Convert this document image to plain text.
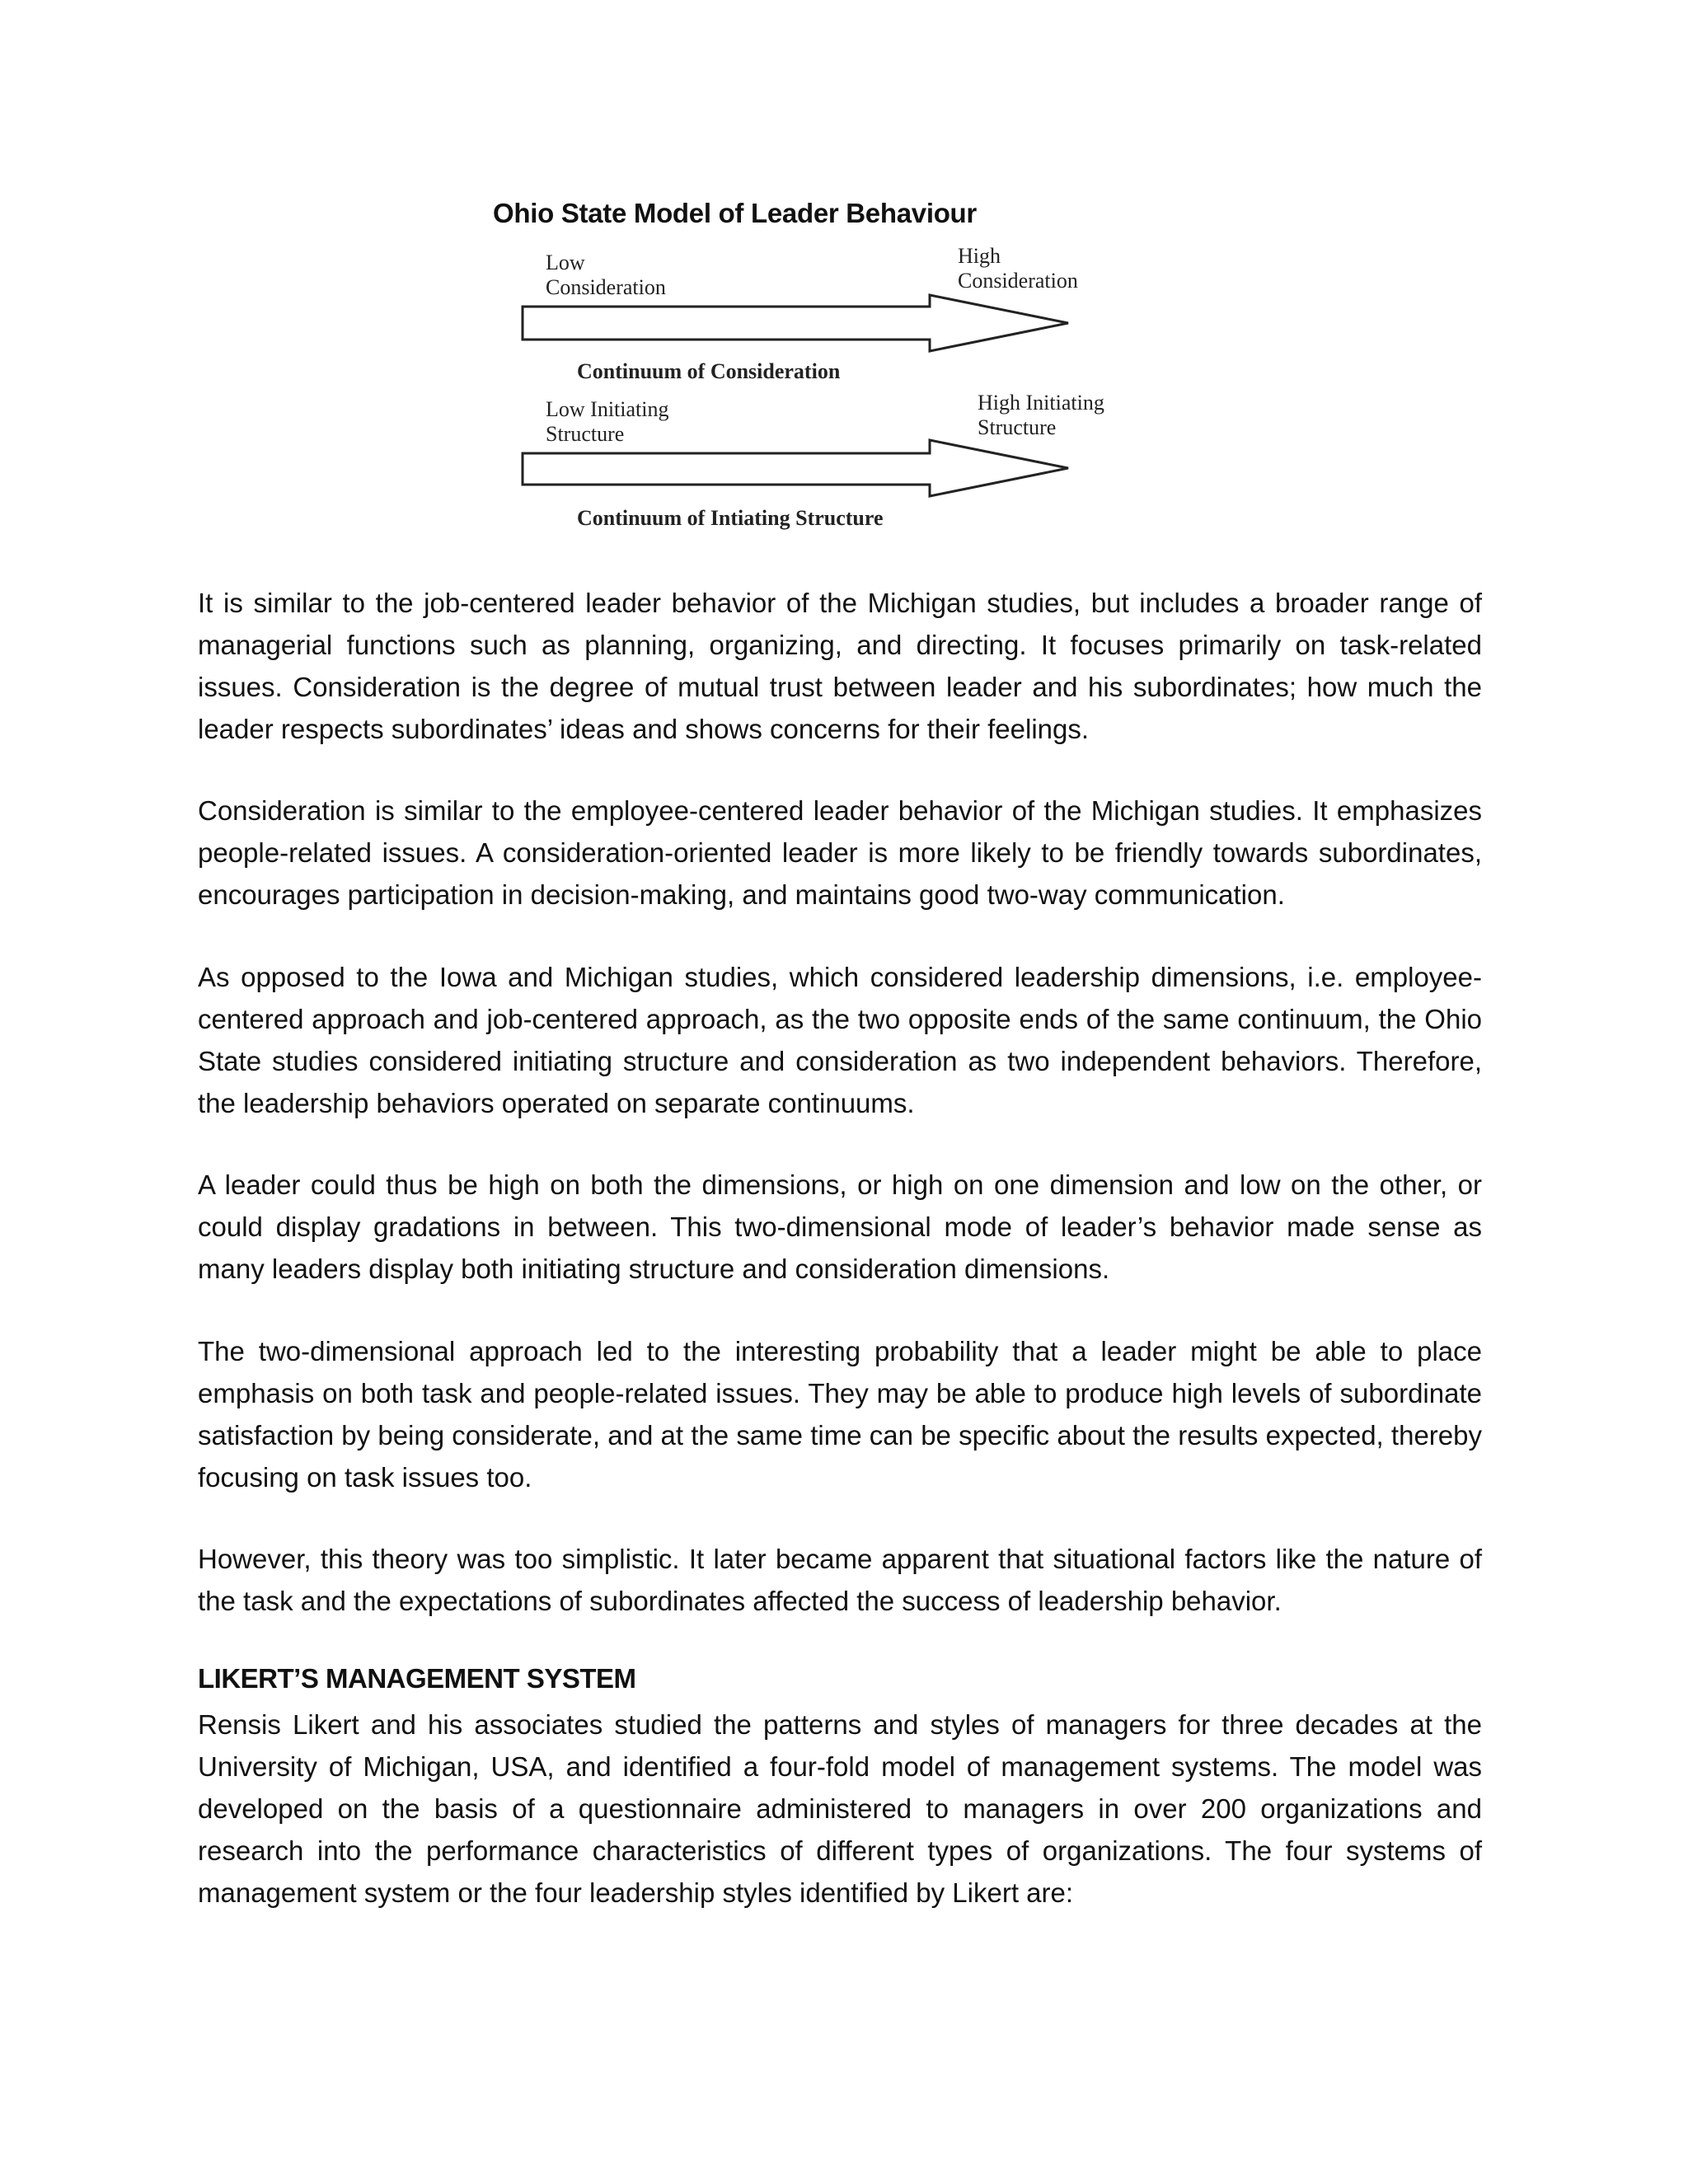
Ohio State Model of Leader Behaviour

Low
Consideration

High
Consideration

Continuum of Consideration

Low Initiating
Structure

High Initiating
Structure

Continuum of Intiating Structure

It is similar to the job-centered leader behavior of the Michigan studies, but includes a broader range of managerial functions such as planning, organizing, and directing. It focuses primarily on task-related issues. Consideration is the degree of mutual trust between leader and his subordinates; how much the leader respects subordinates’ ideas and shows concerns for their feelings.

Consideration is similar to the employee-centered leader behavior of the Michigan studies. It emphasizes people-related issues. A consideration-oriented leader is more likely to be friendly towards subordinates, encourages participation in decision-making, and maintains good two-way communication.

As opposed to the Iowa and Michigan studies, which considered leadership dimensions, i.e. employee-centered approach and job-centered approach, as the two opposite ends of the same continuum, the Ohio State studies considered initiating structure and consideration as two independent behaviors. Therefore, the leadership behaviors operated on separate continuums.

A leader could thus be high on both the dimensions, or high on one dimension and low on the other, or could display gradations in between. This two-dimensional mode of leader’s behavior made sense as many leaders display both initiating structure and consideration dimensions.

The two-dimensional approach led to the interesting probability that a leader might be able to place emphasis on both task and people-related issues. They may be able to produce high levels of subordinate satisfaction by being considerate, and at the same time can be specific about the results expected, thereby focusing on task issues too.

However, this theory was too simplistic. It later became apparent that situational factors like the nature of the task and the expectations of subordinates affected the success of leadership behavior.

LIKERT’S MANAGEMENT SYSTEM

Rensis Likert and his associates studied the patterns and styles of managers for three decades at the University of Michigan, USA, and identified a four-fold model of management systems. The model was developed on the basis of a questionnaire administered to managers in over 200 organizations and research into the performance characteristics of different types of organizations. The four systems of management system or the four leadership styles identified by Likert are:
